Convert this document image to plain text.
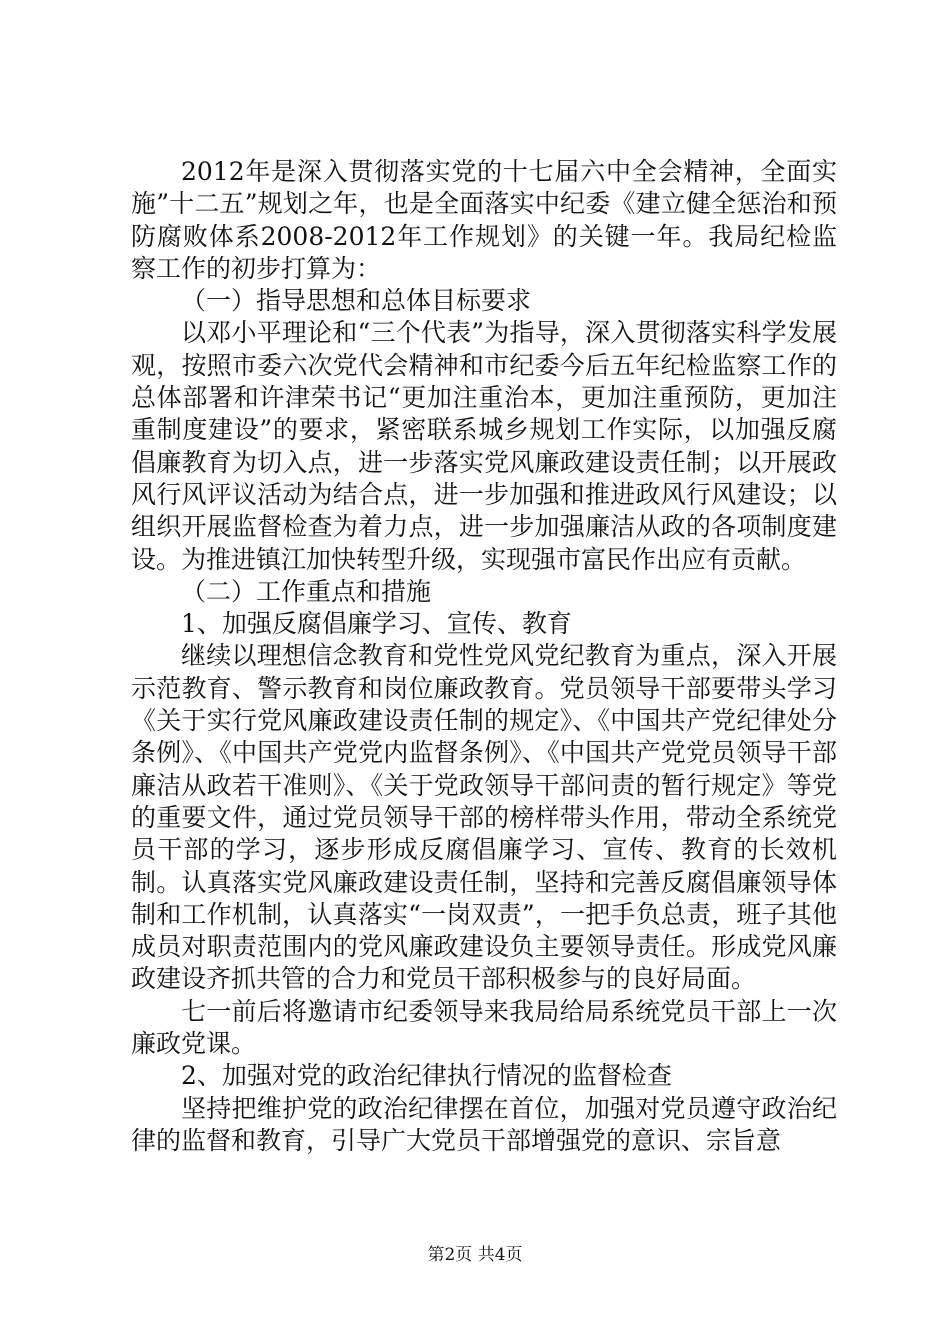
2012年是深入贯彻落实党的十七届六中全会精神，全面实施”十二五”规划之年，也是全面落实中纪委《建立健全惩治和预防腐败体系2008-2012年工作规划》的关键一年。我局纪检监察工作的初步打算为：

（一）指导思想和总体目标要求

以邓小平理论和“三个代表”为指导，深入贯彻落实科学发展观，按照市委六次党代会精神和市纪委今后五年纪检监察工作的总体部署和许津荣书记“更加注重治本，更加注重预防，更加注重制度建设”的要求，紧密联系城乡规划工作实际，以加强反腐倡廉教育为切入点，进一步落实党风廉政建设责任制；以开展政风行风评议活动为结合点，进一步加强和推进政风行风建设；以组织开展监督检查为着力点，进一步加强廉洁从政的各项制度建设。为推进镇江加快转型升级，实现强市富民作出应有贡献。

（二）工作重点和措施

1、加强反腐倡廉学习、宣传、教育

继续以理想信念教育和党性党风党纪教育为重点，深入开展示范教育、警示教育和岗位廉政教育。党员领导干部要带头学习《关于实行党风廉政建设责任制的规定》、《中国共产党纪律处分条例》、《中国共产党党内监督条例》、《中国共产党党员领导干部廉洁从政若干准则》、《关于党政领导干部问责的暂行规定》等党的重要文件，通过党员领导干部的榜样带头作用，带动全系统党员干部的学习，逐步形成反腐倡廉学习、宣传、教育的长效机制。认真落实党风廉政建设责任制，坚持和完善反腐倡廉领导体制和工作机制，认真落实“一岗双责”，一把手负总责，班子其他成员对职责范围内的党风廉政建设负主要领导责任。形成党风廉政建设齐抓共管的合力和党员干部积极参与的良好局面。

七一前后将邀请市纪委领导来我局给局系统党员干部上一次廉政党课。

2、加强对党的政治纪律执行情况的监督检查

坚持把维护党的政治纪律摆在首位，加强对党员遵守政治纪律的监督和教育，引导广大党员干部增强党的意识、宗旨意

第2页 共4页
